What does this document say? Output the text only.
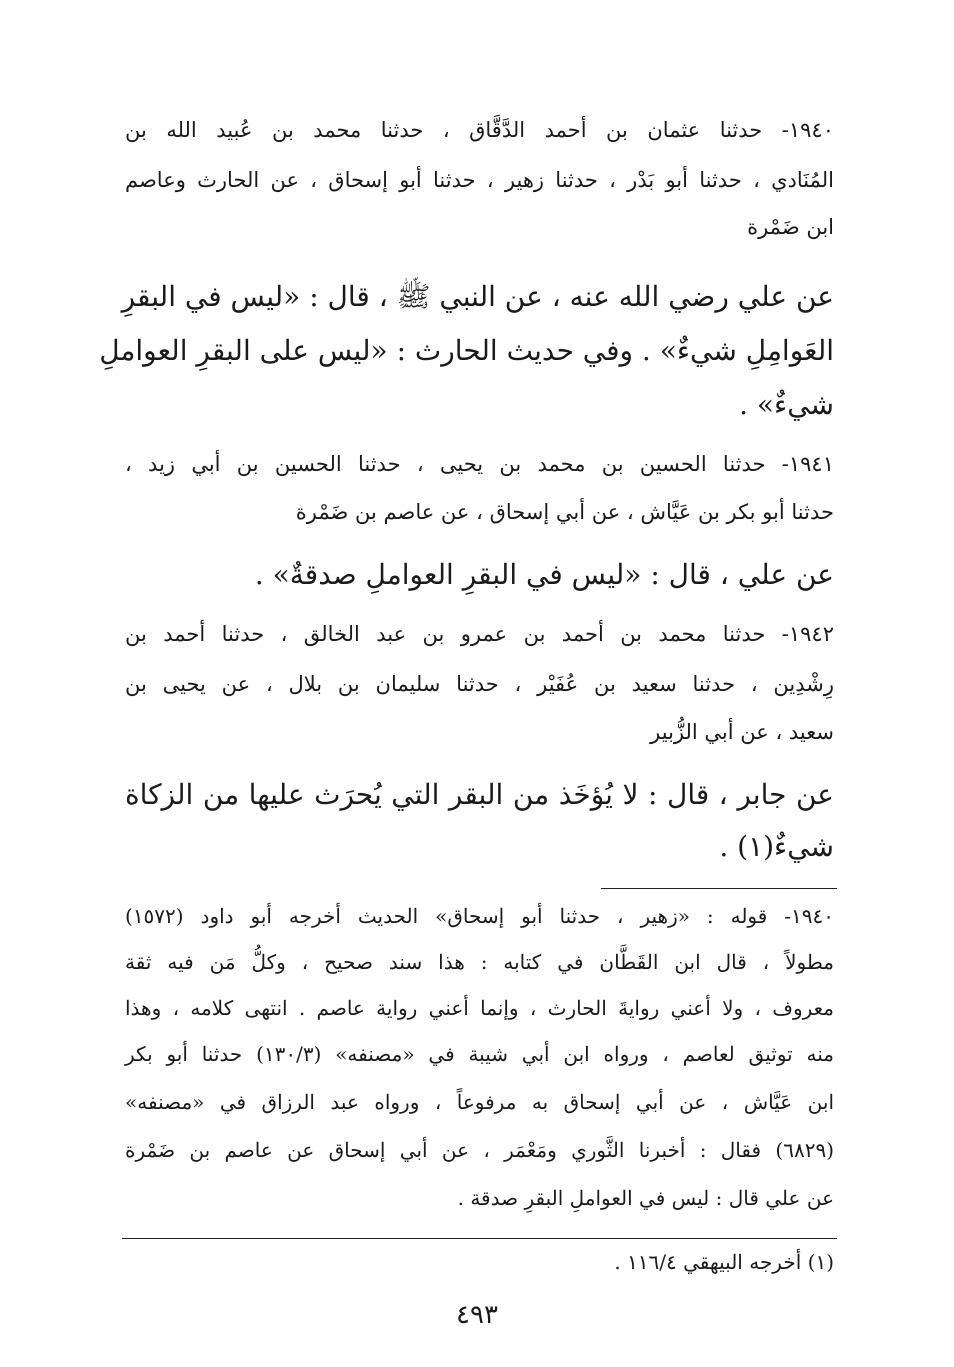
١٩٤٠- حدثنا عثمان بن أحمد الدَّقَّاق ، حدثنا محمد بن عُبيد الله بن
المُنَادي ، حدثنا أبو بَدْر ، حدثنا زهير ، حدثنا أبو إسحاق ، عن الحارث وعاصم
ابن ضَمْرة
عن علي رضي الله عنه ، عن النبي ﷺ ، قال : «ليس في البقرِ
العَوامِلِ شيءٌ» . وفي حديث الحارث : «ليس على البقرِ العواملِ
شيءٌ» .
١٩٤١- حدثنا الحسين بن محمد بن يحيى ، حدثنا الحسين بن أبي زيد ،
حدثنا أبو بكر بن عَيَّاش ، عن أبي إسحاق ، عن عاصم بن ضَمْرة
عن علي ، قال : «ليس في البقرِ العواملِ صدقةٌ» .
١٩٤٢- حدثنا محمد بن أحمد بن عمرو بن عبد الخالق ، حدثنا أحمد بن
رِشْدِين ، حدثنا سعيد بن عُفَيْر ، حدثنا سليمان بن بلال ، عن يحيى بن
سعيد ، عن أبي الزُّبير
عن جابر ، قال : لا يُؤخَذ من البقر التي يُحرَث عليها من الزكاة
شيءٌ(١) .
١٩٤٠- قوله : «زهير ، حدثنا أبو إسحاق» الحديث أخرجه أبو داود (١٥٧٢)
مطولاً ، قال ابن القَطَّان في كتابه : هذا سند صحيح ، وكلُّ مَن فيه ثقة
معروف ، ولا أعني روايةَ الحارث ، وإنما أعني رواية عاصم . انتهى كلامه ، وهذا
منه توثيق لعاصم ، ورواه ابن أبي شيبة في «مصنفه» (١٣٠/٣) حدثنا أبو بكر
ابن عَيَّاش ، عن أبي إسحاق به مرفوعاً ، ورواه عبد الرزاق في «مصنفه»
(٦٨٢٩) فقال : أخبرنا الثَّوري ومَعْمَر ، عن أبي إسحاق عن عاصم بن ضَمْرة
عن علي قال : ليس في العواملِ البقرِ صدقة .
(١) أخرجه البيهقي ١١٦/٤ .
٤٩٣
